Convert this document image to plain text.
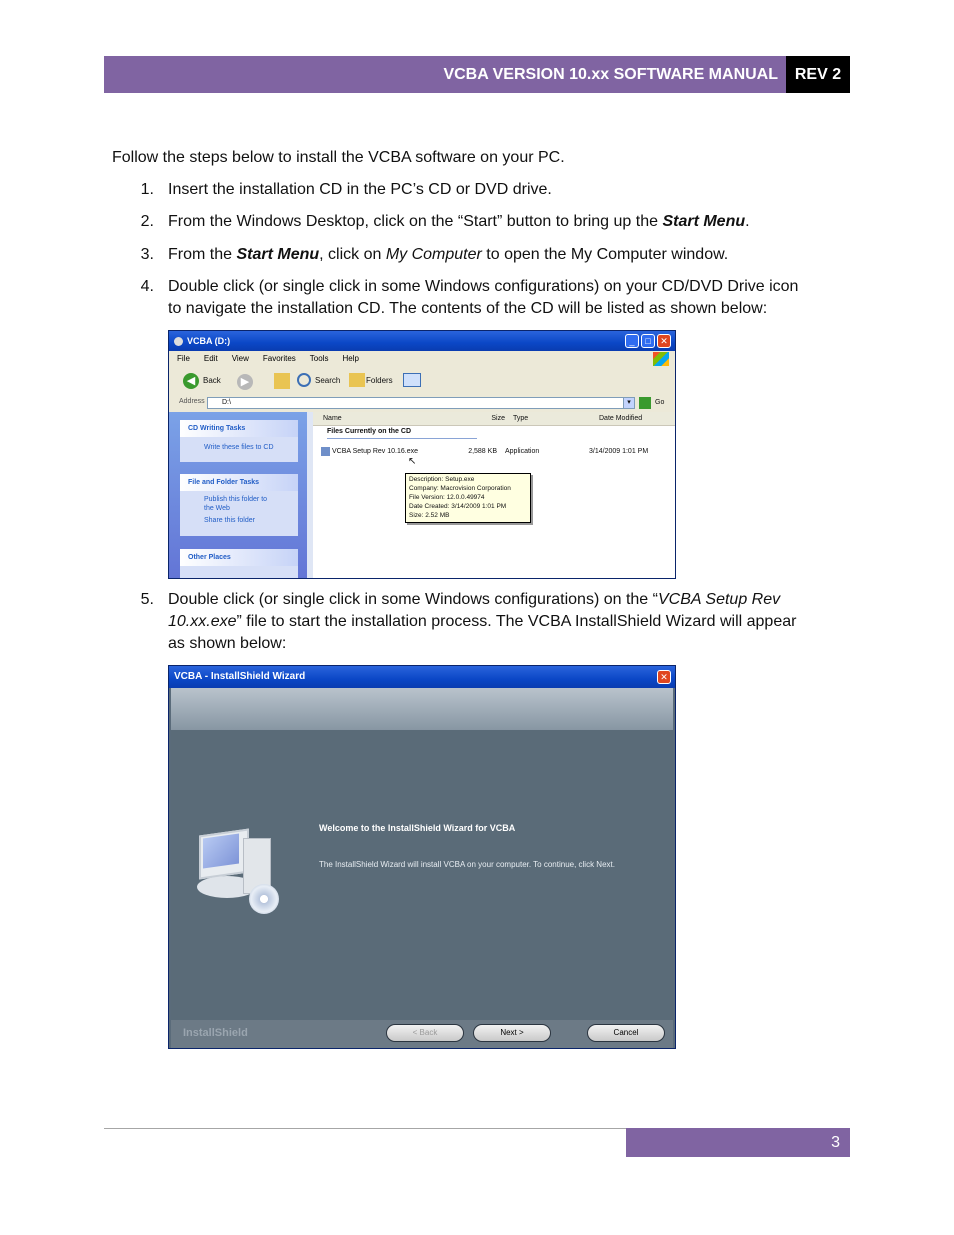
VCBA VERSION 10.xx SOFTWARE MANUAL	REV 2
Follow the steps below to install the VCBA software on your PC.
1. Insert the installation CD in the PC’s CD or DVD drive.
2. From the Windows Desktop, click on the “Start” button to bring up the Start Menu.
3. From the Start Menu, click on My Computer to open the My Computer window.
4. Double click (or single click in some Windows configurations) on your CD/DVD Drive icon
to navigate the installation CD. The contents of the CD will be listed as shown below:
VCBA (D:)	_	□	✕
File Edit View Favorites Tools Help
◀ Back	▶	Search	Folders
Address	D:\	▾	Go
CD Writing Tasks
Write these files to CD
File and Folder Tasks
Publish this folder to
the Web
Share this folder
Other Places
Name	Size	Type	Date Modified
Files Currently on the CD
VCBA Setup Rev 10.16.exe	2,588 KB Application	3/14/2009 1:01 PM
↖
Description: Setup.exe
Company: Macrovision Corporation
File Version: 12.0.0.49974
Date Created: 3/14/2009 1:01 PM
Size: 2.52 MB
5. Double click (or single click in some Windows configurations) on the “VCBA Setup Rev
10.xx.exe” file to start the installation process. The VCBA InstallShield Wizard will appear
as shown below:
VCBA - InstallShield Wizard	✕
Welcome to the InstallShield Wizard for VCBA
The InstallShield Wizard will install VCBA on your computer. To continue, click Next.
InstallShield	< Back	Next >	Cancel
3
